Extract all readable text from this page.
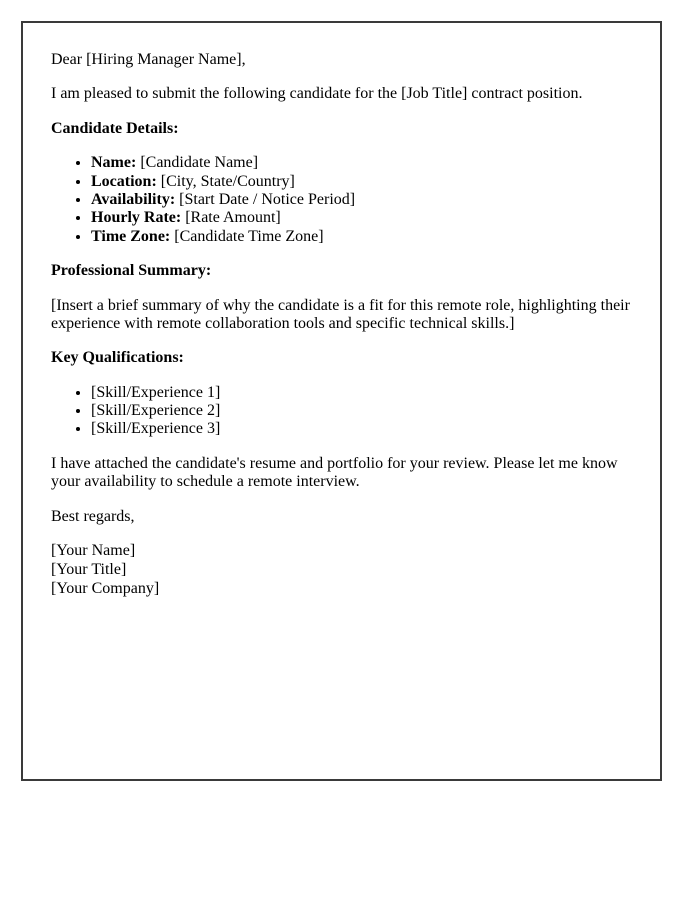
Dear [Hiring Manager Name],

I am pleased to submit the following candidate for the [Job Title] contract position.

Candidate Details:

• Name: [Candidate Name]
• Location: [City, State/Country]
• Availability: [Start Date / Notice Period]
• Hourly Rate: [Rate Amount]
• Time Zone: [Candidate Time Zone]

Professional Summary:

[Insert a brief summary of why the candidate is a fit for this remote role, highlighting their experience with remote collaboration tools and specific technical skills.]

Key Qualifications:

• [Skill/Experience 1]
• [Skill/Experience 2]
• [Skill/Experience 3]

I have attached the candidate's resume and portfolio for your review. Please let me know your availability to schedule a remote interview.

Best regards,

[Your Name]
[Your Title]
[Your Company]
